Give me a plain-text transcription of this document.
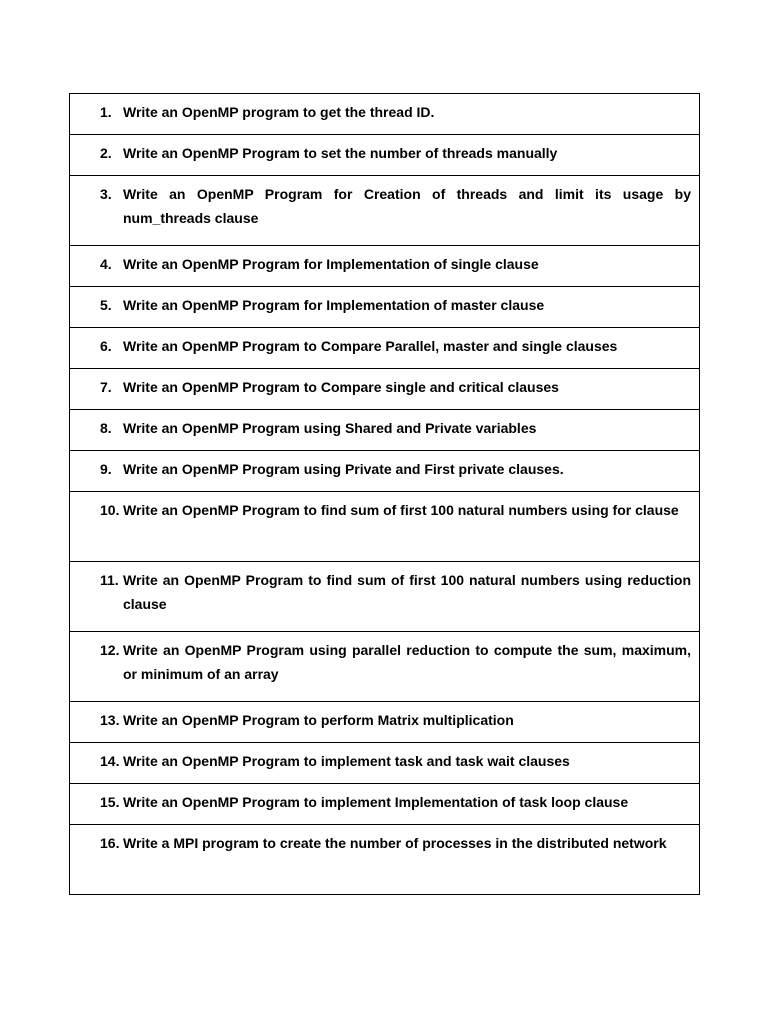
1. Write an OpenMP program to get the thread ID.

2. Write an OpenMP Program to set the number of threads manually

3. Write an OpenMP Program for Creation of threads and limit its usage by num_threads clause

4. Write an OpenMP Program for Implementation of single clause

5. Write an OpenMP Program for Implementation of master clause

6. Write an OpenMP Program to Compare Parallel, master and single clauses

7. Write an OpenMP Program to Compare single and critical clauses

8. Write an OpenMP Program using Shared and Private variables

9. Write an OpenMP Program using Private and First private clauses.

10. Write an OpenMP Program to find sum of first 100 natural numbers using for clause

11. Write an OpenMP Program to find sum of first 100 natural numbers using reduction clause

12. Write an OpenMP Program using parallel reduction to compute the sum, maximum, or minimum of an array

13. Write an OpenMP Program to perform Matrix multiplication

14. Write an OpenMP Program to implement task and task wait clauses

15. Write an OpenMP Program to implement Implementation of task loop clause

16. Write a MPI program to create the number of processes in the distributed network
